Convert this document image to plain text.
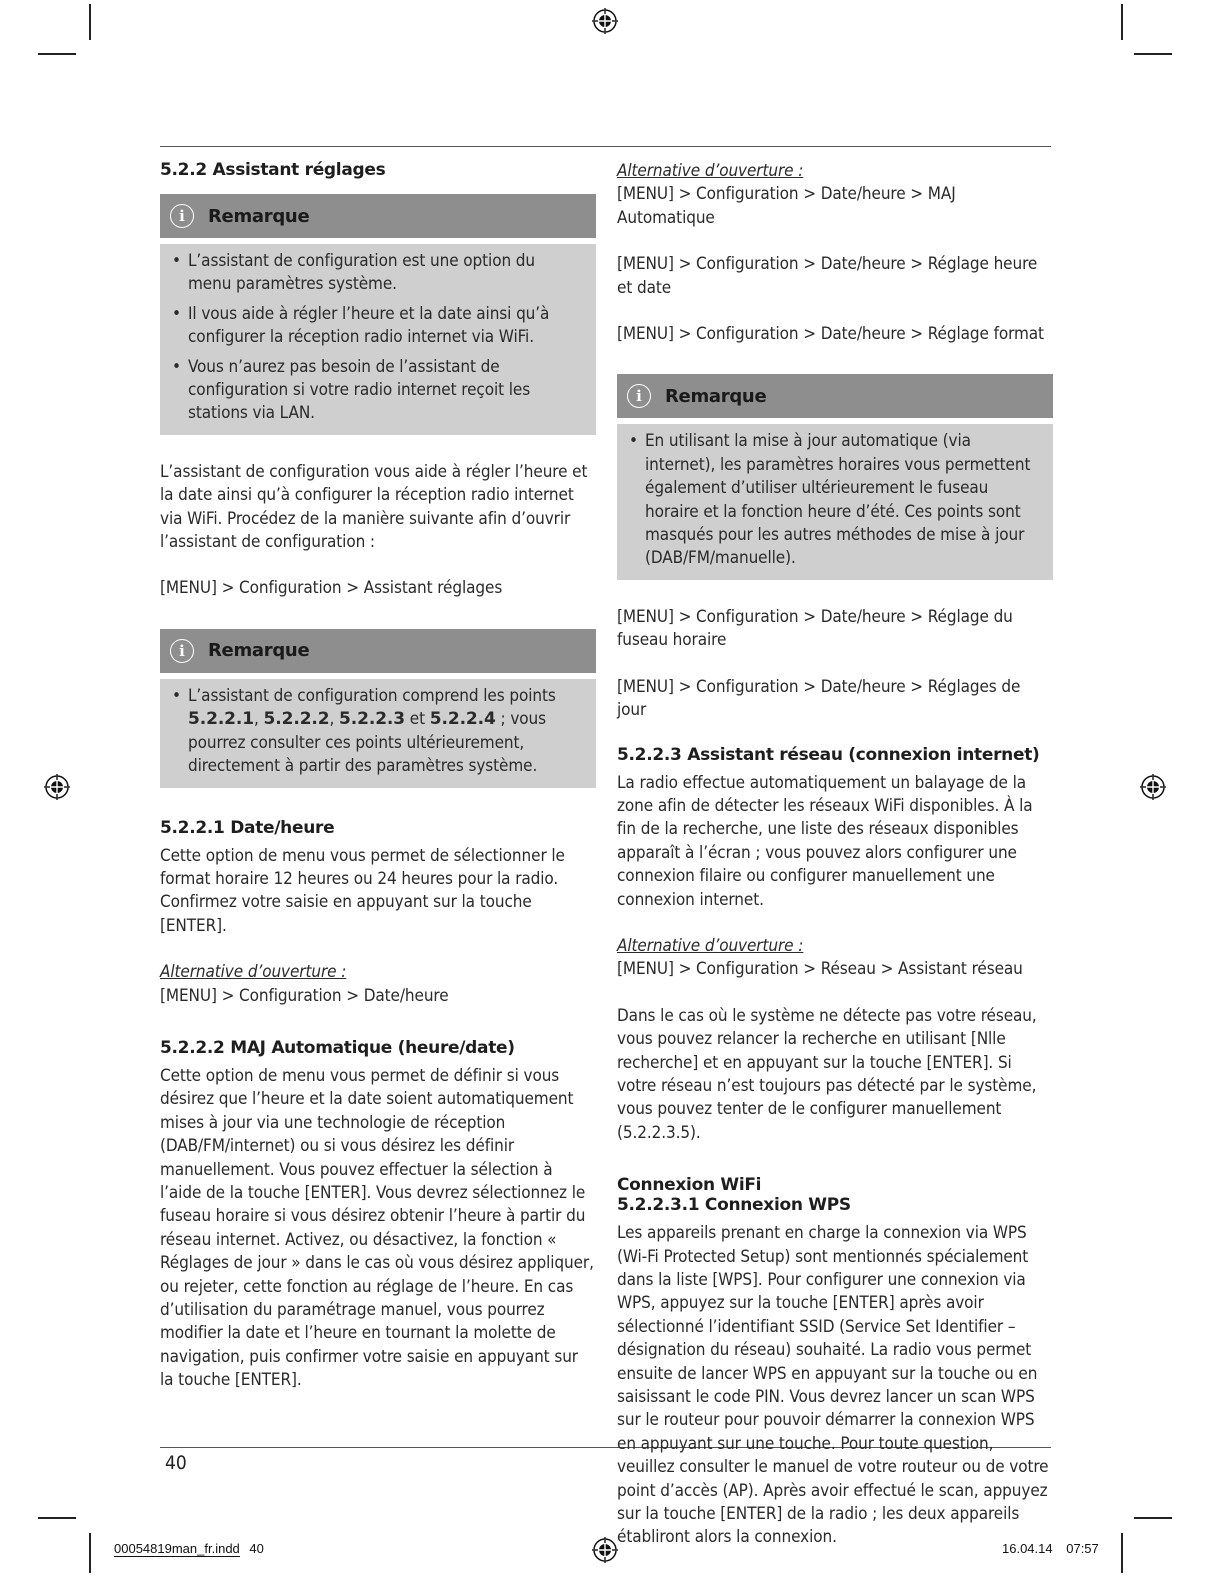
5.2.2 Assistant réglages
i	Remarque
• L’assistant de configuration est une option du menu paramètres système.
• Il vous aide à régler l’heure et la date ainsi qu’à configurer la réception radio internet via WiFi.
• Vous n’aurez pas besoin de l’assistant de configuration si votre radio internet reçoit les stations via LAN.

L’assistant de configuration vous aide à régler l’heure et la date ainsi qu’à configurer la réception radio internet via WiFi. Procédez de la manière suivante afin d’ouvrir l’assistant de configuration :

[MENU] > Configuration > Assistant réglages

i	Remarque
• L’assistant de configuration comprend les points 5.2.2.1, 5.2.2.2, 5.2.2.3 et 5.2.2.4 ; vous pourrez consulter ces points ultérieurement, directement à partir des paramètres système.
5.2.2.1 Date/heure

Cette option de menu vous permet de sélectionner le format horaire 12 heures ou 24 heures pour la radio. Confirmez votre saisie en appuyant sur la touche [ENTER].

Alternative d’ouverture :

[MENU] > Configuration > Date/heure

5.2.2.2 MAJ Automatique (heure/date)

Cette option de menu vous permet de définir si vous désirez que l’heure et la date soient automatiquement mises à jour via une technologie de réception (DAB/FM/internet) ou si vous désirez les définir manuellement. Vous pouvez effectuer la sélection à l’aide de la touche [ENTER]. Vous devrez sélectionnez le fuseau horaire si vous désirez obtenir l’heure à partir du réseau internet. Activez, ou désactivez, la fonction « Réglages de jour » dans le cas où vous désirez appliquer, ou rejeter, cette fonction au réglage de l’heure. En cas d’utilisation du paramétrage manuel, vous pourrez modifier la date et l’heure en tournant la molette de navigation, puis confirmer votre saisie en appuyant sur la touche [ENTER].

Alternative d’ouverture :

[MENU] > Configuration > Date/heure > MAJ Automatique

[MENU] > Configuration > Date/heure > Réglage heure et date

[MENU] > Configuration > Date/heure > Réglage format

i	Remarque
• En utilisant la mise à jour automatique (via internet), les paramètres horaires vous permettent également d’utiliser ultérieurement le fuseau horaire et la fonction heure d’été. Ces points sont masqués pour les autres méthodes de mise à jour (DAB/FM/manuelle).

[MENU] > Configuration > Date/heure > Réglage du fuseau horaire

[MENU] > Configuration > Date/heure > Réglages de jour

5.2.2.3 Assistant réseau (connexion internet)

La radio effectue automatiquement un balayage de la zone afin de détecter les réseaux WiFi disponibles. À la fin de la recherche, une liste des réseaux disponibles apparaît à l’écran ; vous pouvez alors configurer une connexion filaire ou configurer manuellement une connexion internet.

Alternative d’ouverture :

[MENU] > Configuration > Réseau > Assistant réseau

Dans le cas où le système ne détecte pas votre réseau, vous pouvez relancer la recherche en utilisant [Nlle recherche] et en appuyant sur la touche [ENTER]. Si votre réseau n’est toujours pas détecté par le système, vous pouvez tenter de le configurer manuellement (5.2.2.3.5).

Connexion WiFi
5.2.2.3.1 Connexion WPS

Les appareils prenant en charge la connexion via WPS (Wi-Fi Protected Setup) sont mentionnés spécialement dans la liste [WPS]. Pour configurer une connexion via WPS, appuyez sur la touche [ENTER] après avoir sélectionné l’identifiant SSID (Service Set Identifier – désignation du réseau) souhaité. La radio vous permet ensuite de lancer WPS en appuyant sur la touche ou en saisissant le code PIN. Vous devrez lancer un scan WPS sur le routeur pour pouvoir démarrer la connexion WPS en appuyant sur une touche. Pour toute question, veuillez consulter le manuel de votre routeur ou de votre point d’accès (AP). Après avoir effectué le scan, appuyez sur la touche [ENTER] de la radio ; les deux appareils établiront alors la connexion.

40
00054819man_fr.indd 40	16.04.14 07:57
